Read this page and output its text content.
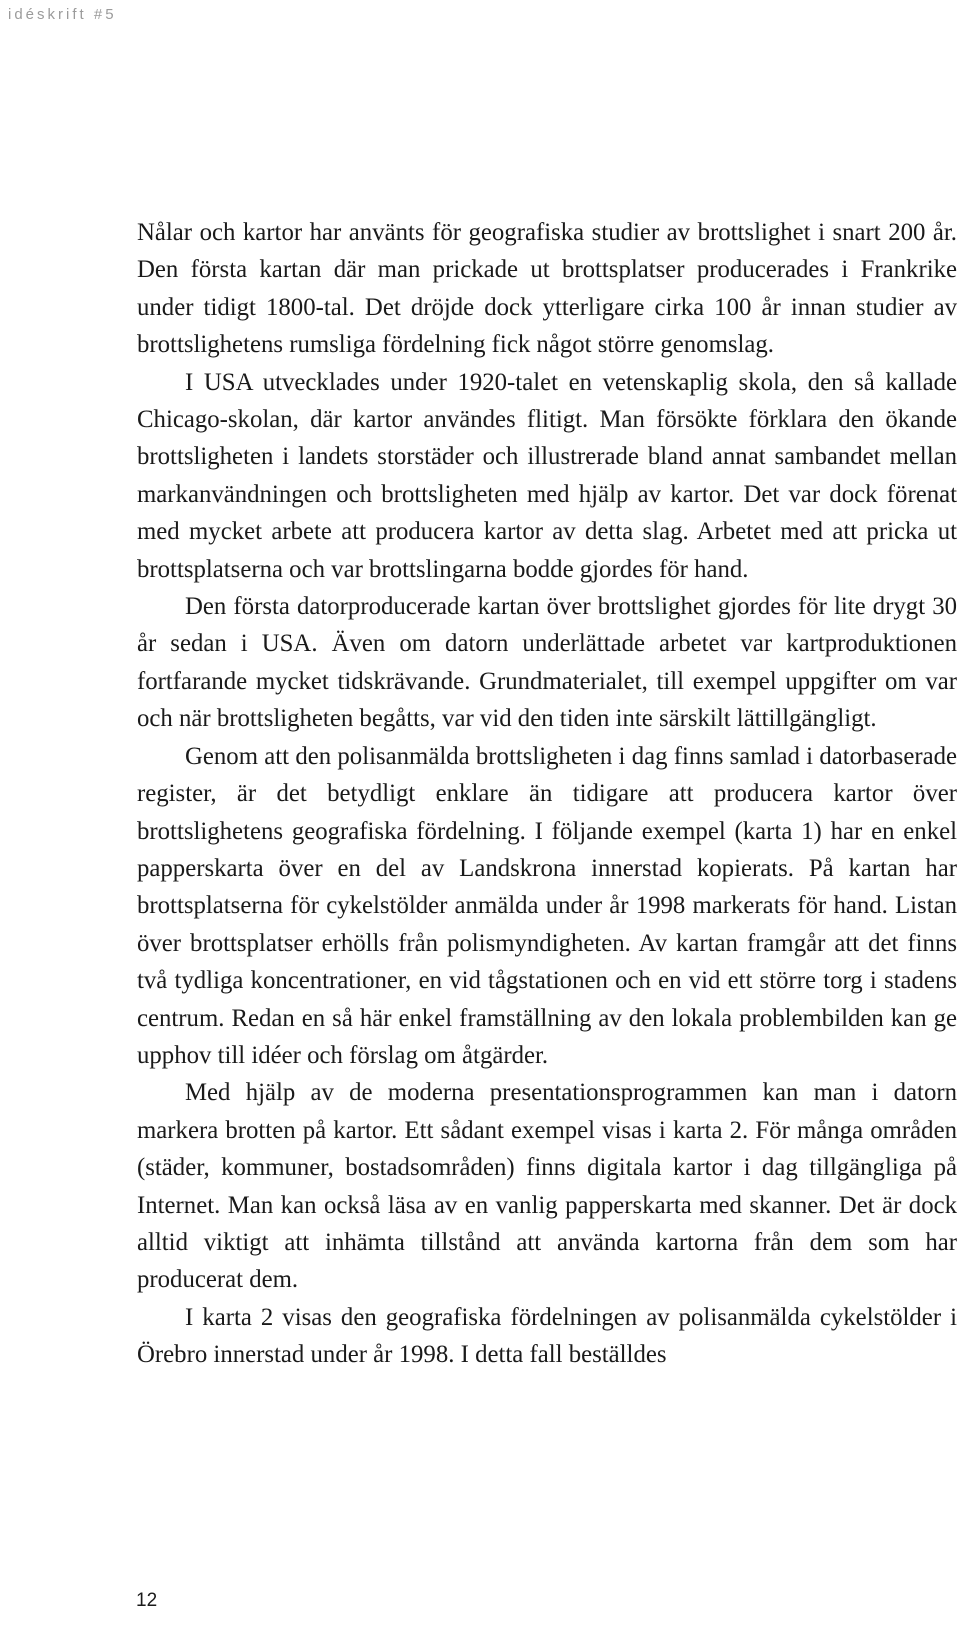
idéskrift #5

Nålar och kartor har använts för geografiska studier av brottslighet i snart 200 år. Den första kartan där man prickade ut brottsplatser producerades i Frankrike under tidigt 1800-tal. Det dröjde dock ytterligare cirka 100 år innan studier av brottslighetens rumsliga fördelning fick något större genomslag.

I USA utvecklades under 1920-talet en vetenskaplig skola, den så kallade Chicago-skolan, där kartor användes flitigt. Man försökte förklara den ökande brottsligheten i landets storstäder och illustrerade bland annat sambandet mellan markanvändningen och brottsligheten med hjälp av kartor. Det var dock förenat med mycket arbete att producera kartor av detta slag. Arbetet med att pricka ut brottsplatserna och var brottslingarna bodde gjordes för hand.

Den första datorproducerade kartan över brottslighet gjordes för lite drygt 30 år sedan i USA. Även om datorn underlättade arbetet var kartproduktionen fortfarande mycket tidskrävande. Grundmaterialet, till exempel uppgifter om var och när brottsligheten begåtts, var vid den tiden inte särskilt lättillgängligt.

Genom att den polisanmälda brottsligheten i dag finns samlad i datorbaserade register, är det betydligt enklare än tidigare att producera kartor över brottslighetens geografiska fördelning. I följande exempel (karta 1) har en enkel papperskarta över en del av Landskrona innerstad kopierats. På kartan har brottsplatserna för cykelstölder anmälda under år 1998 markerats för hand. Listan över brottsplatser erhölls från polismyndigheten. Av kartan framgår att det finns två tydliga koncentrationer, en vid tågstationen och en vid ett större torg i stadens centrum. Redan en så här enkel framställning av den lokala problembilden kan ge upphov till idéer och förslag om åtgärder.

Med hjälp av de moderna presentationsprogrammen kan man i datorn markera brotten på kartor. Ett sådant exempel visas i karta 2. För många områden (städer, kommuner, bostadsområden) finns digitala kartor i dag tillgängliga på Internet. Man kan också läsa av en vanlig papperskarta med skanner. Det är dock alltid viktigt att inhämta tillstånd att använda kartorna från dem som har producerat dem.

I karta 2 visas den geografiska fördelningen av polisanmälda cykelstölder i Örebro innerstad under år 1998. I detta fall beställdes

12
